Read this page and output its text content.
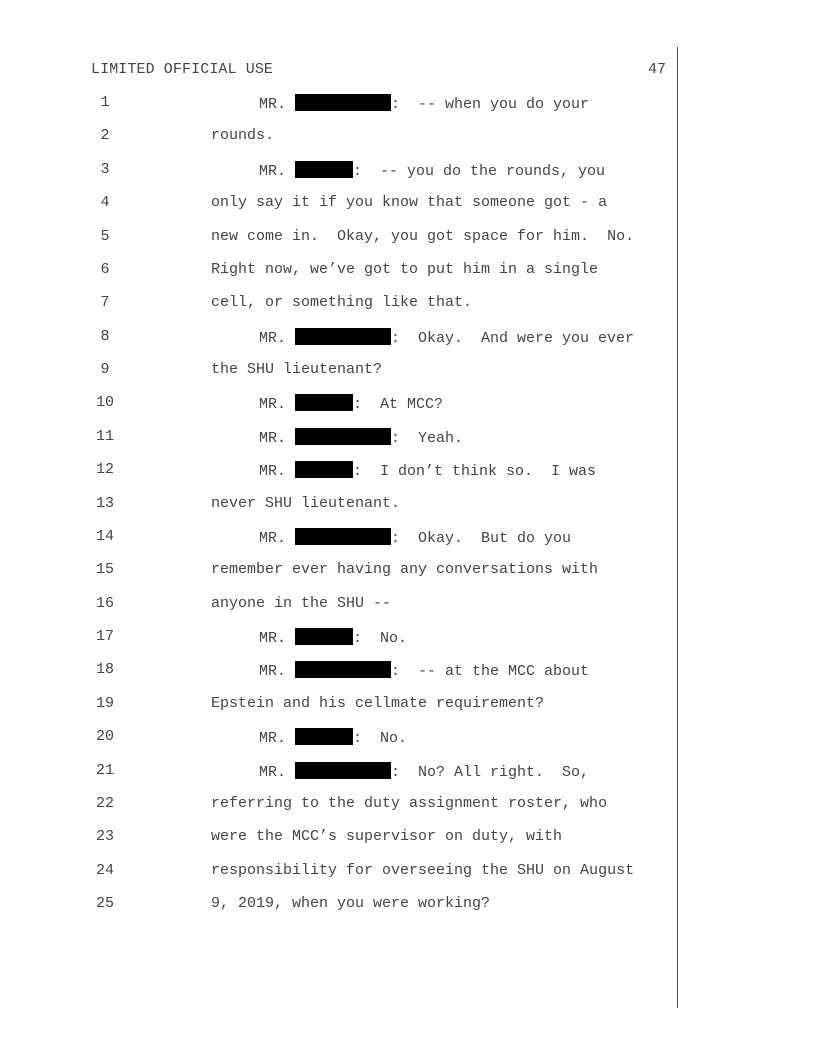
LIMITED OFFICIAL USE	47
1	MR.	:  -- when you do your
2	rounds.
3	MR.	:  -- you do the rounds, you
4	only say it if you know that someone got - a
5	new come in.  Okay, you got space for him.  No.
6	Right now, we’ve got to put him in a single
7	cell, or something like that.
8	MR.	:  Okay.  And were you ever
9	the SHU lieutenant?
10	MR.	:  At MCC?
11	MR.	:  Yeah.
12	MR.	:  I don’t think so.  I was
13	never SHU lieutenant.
14	MR.	:  Okay.  But do you
15	remember ever having any conversations with
16	anyone in the SHU --
17	MR.	:  No.
18	MR.	:  -- at the MCC about
19	Epstein and his cellmate requirement?
20	MR.	:  No.
21	MR.	:  No? All right.  So,
22	referring to the duty assignment roster, who
23	were the MCC’s supervisor on duty, with
24	responsibility for overseeing the SHU on August
25	9, 2019, when you were working?
